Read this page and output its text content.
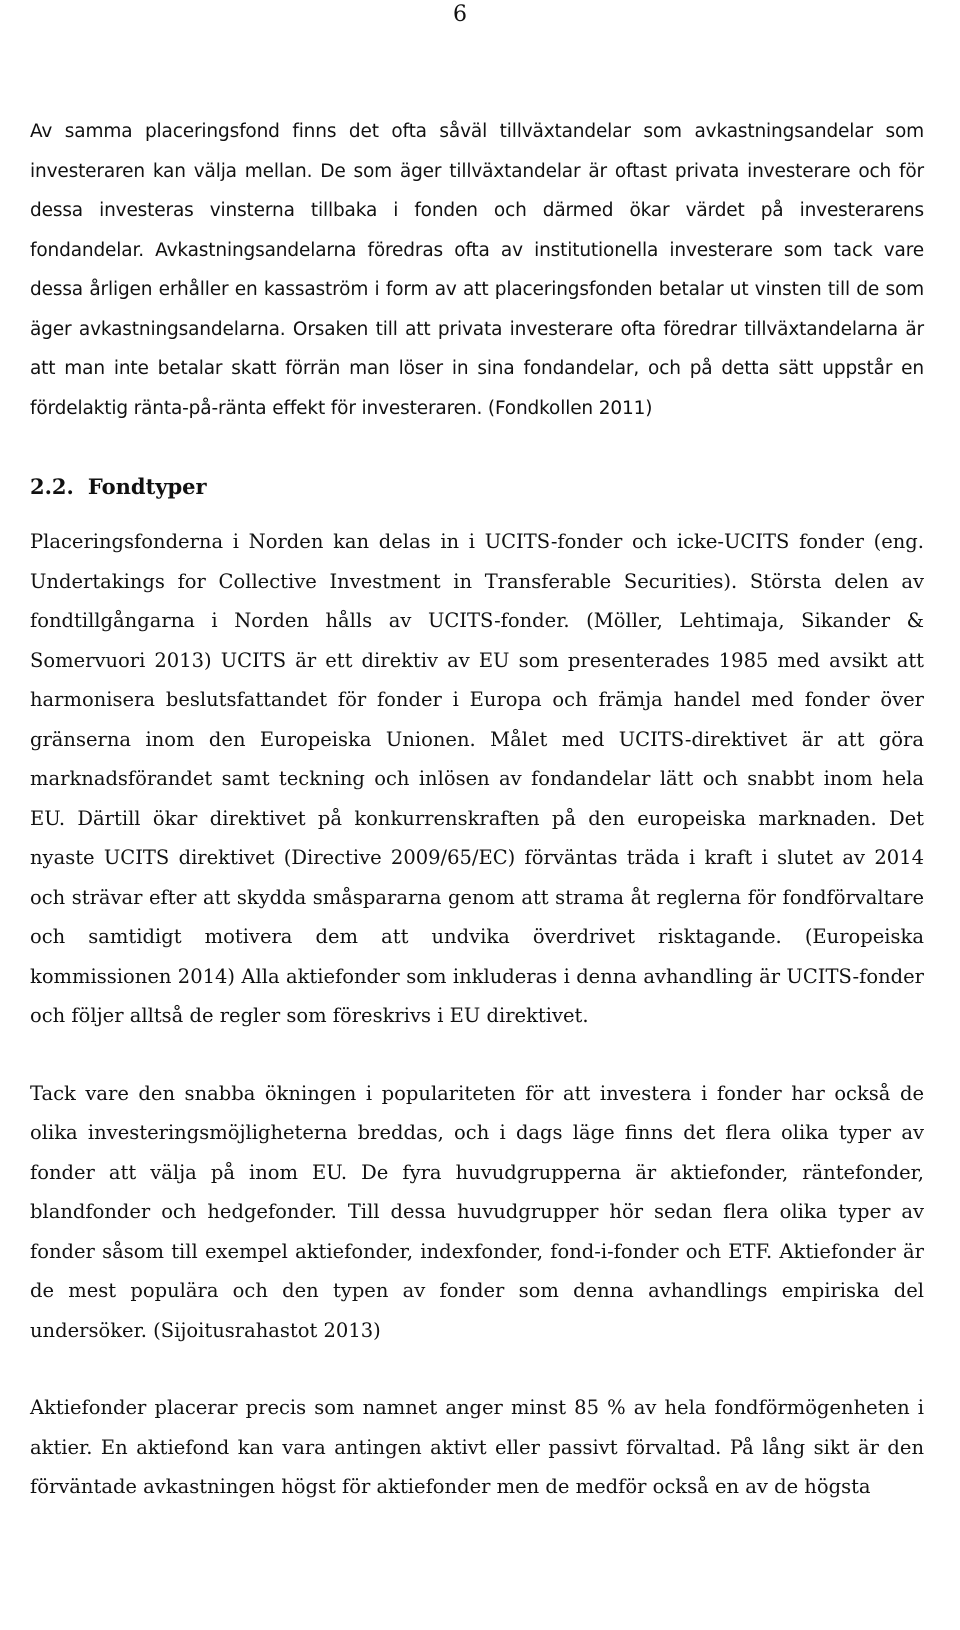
6

Av samma placeringsfond finns det ofta såväl tillväxtandelar som avkastningsandelar som investeraren kan välja mellan. De som äger tillväxtandelar är oftast privata investerare och för dessa investeras vinsterna tillbaka i fonden och därmed ökar värdet på investerarens fondandelar. Avkastningsandelarna föredras ofta av institutionella investerare som tack vare dessa årligen erhåller en kassaström i form av att placeringsfonden betalar ut vinsten till de som äger avkastningsandelarna. Orsaken till att privata investerare ofta föredrar tillväxtandelarna är att man inte betalar skatt förrän man löser in sina fondandelar, och på detta sätt uppstår en fördelaktig ränta-på-ränta effekt för investeraren. (Fondkollen 2011)

2.2. Fondtyper

Placeringsfonderna i Norden kan delas in i UCITS-fonder och icke-UCITS fonder (eng. Undertakings for Collective Investment in Transferable Securities). Största delen av fondtillgångarna i Norden hålls av UCITS-fonder. (Möller, Lehtimaja, Sikander & Somervuori 2013) UCITS är ett direktiv av EU som presenterades 1985 med avsikt att harmonisera beslutsfattandet för fonder i Europa och främja handel med fonder över gränserna inom den Europeiska Unionen. Målet med UCITS-direktivet är att göra marknadsförandet samt teckning och inlösen av fondandelar lätt och snabbt inom hela EU. Därtill ökar direktivet på konkurrenskraften på den europeiska marknaden. Det nyaste UCITS direktivet (Directive 2009/65/EC) förväntas träda i kraft i slutet av 2014 och strävar efter att skydda småspararna genom att strama åt reglerna för fondförvaltare och samtidigt motivera dem att undvika överdrivet risktagande. (Europeiska kommissionen 2014) Alla aktiefonder som inkluderas i denna avhandling är UCITS-fonder och följer alltså de regler som föreskrivs i EU direktivet.

Tack vare den snabba ökningen i populariteten för att investera i fonder har också de olika investeringsmöjligheterna breddas, och i dags läge finns det flera olika typer av fonder att välja på inom EU. De fyra huvudgrupperna är aktiefonder, räntefonder, blandfonder och hedgefonder. Till dessa huvudgrupper hör sedan flera olika typer av fonder såsom till exempel aktiefonder, indexfonder, fond-i-fonder och ETF. Aktiefonder är de mest populära och den typen av fonder som denna avhandlings empiriska del undersöker. (Sijoitusrahastot 2013)

Aktiefonder placerar precis som namnet anger minst 85 % av hela fondförmögenheten i aktier. En aktiefond kan vara antingen aktivt eller passivt förvaltad. På lång sikt är den förväntade avkastningen högst för aktiefonder men de medför också en av de högsta
